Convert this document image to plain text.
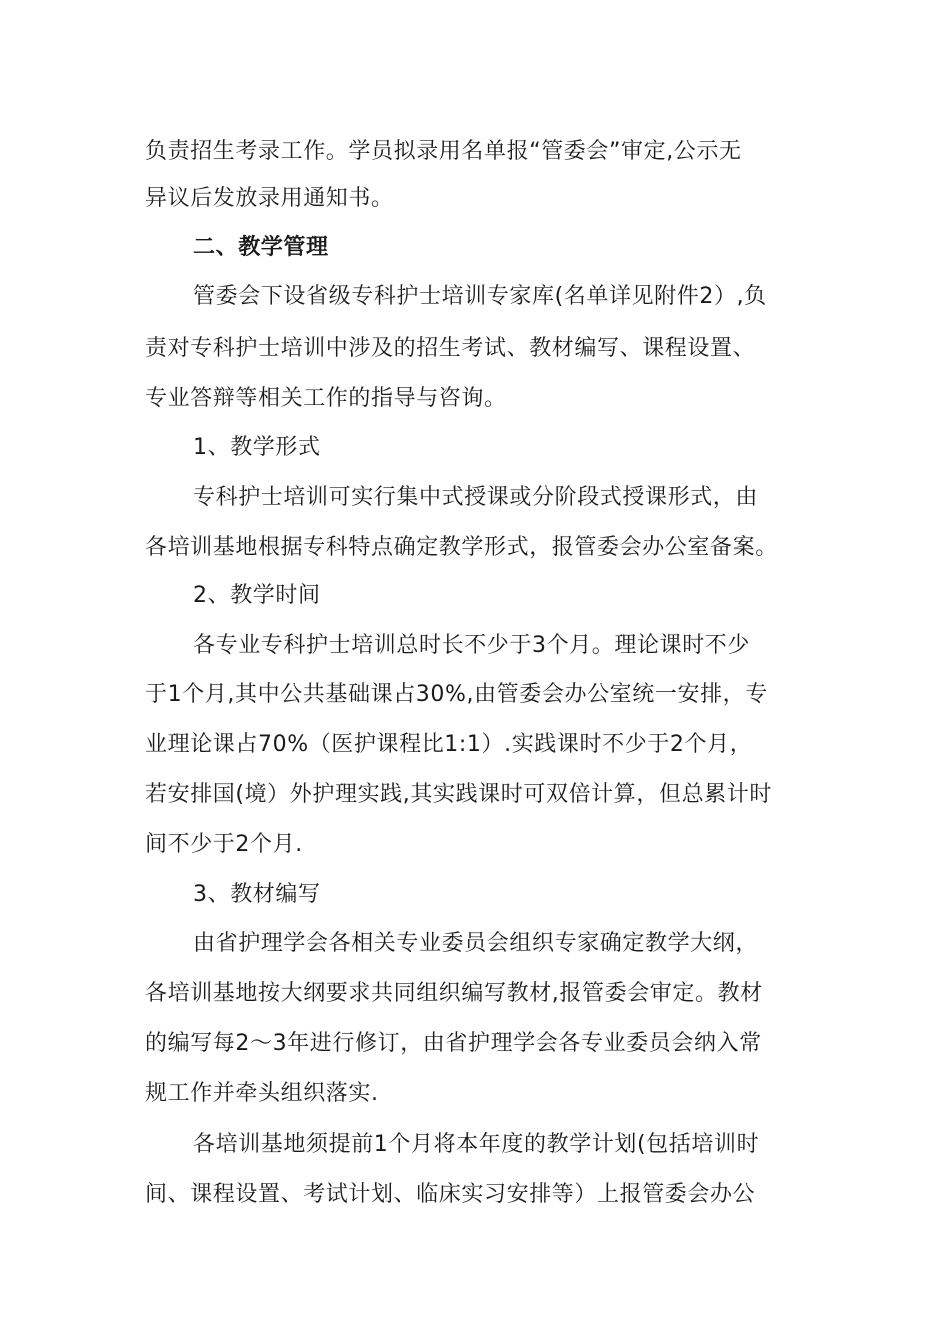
负责招生考录工作。学员拟录用名单报“管委会”审定,公示无
异议后发放录用通知书。
二、教学管理
管委会下设省级专科护士培训专家库(名单详见附件2）,负
责对专科护士培训中涉及的招生考试、教材编写、课程设置、
专业答辩等相关工作的指导与咨询。
1、教学形式
专科护士培训可实行集中式授课或分阶段式授课形式，由
各培训基地根据专科特点确定教学形式，报管委会办公室备案。
2、教学时间
各专业专科护士培训总时长不少于3个月。理论课时不少
于1个月,其中公共基础课占30%,由管委会办公室统一安排，专
业理论课占70%（医护课程比1:1）.实践课时不少于2个月，
若安排国(境）外护理实践,其实践课时可双倍计算，但总累计时
间不少于2个月.
3、教材编写
由省护理学会各相关专业委员会组织专家确定教学大纲，
各培训基地按大纲要求共同组织编写教材,报管委会审定。教材
的编写每2～3年进行修订，由省护理学会各专业委员会纳入常
规工作并牵头组织落实.
各培训基地须提前1个月将本年度的教学计划(包括培训时
间、课程设置、考试计划、临床实习安排等）上报管委会办公
